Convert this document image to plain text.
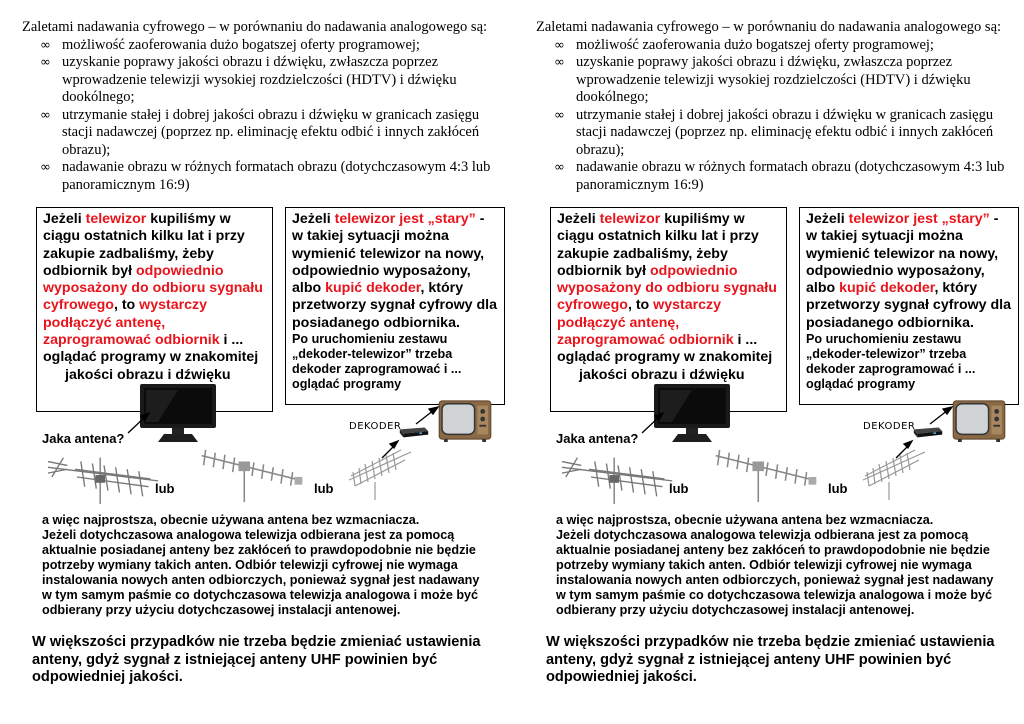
Zaletami nadawania cyfrowego – w porównaniu do nadawania analogowego są:

∞ możliwość zaoferowania dużo bogatszej oferty programowej;
∞ uzyskanie poprawy jakości obrazu i dźwięku, zwłaszcza poprzez wprowadzenie telewizji wysokiej rozdzielczości (HDTV) i dźwięku dookólnego;
∞ utrzymanie stałej i dobrej jakości obrazu i dźwięku w granicach zasięgu stacji nadawczej (poprzez np. eliminację efektu odbić i innych zakłóceń obrazu);
∞ nadawanie obrazu w różnych formatach obrazu (dotychczasowym 4:3 lub panoramicznym 16:9)
Jeżeli telewizor kupiliśmy w ciągu ostatnich kilku lat i przy zakupie zadbaliśmy, żeby odbiornik był odpowiednio wyposażony do odbioru sygnału cyfrowego, to wystarczy podłączyć antenę, zaprogramować odbiornik i ...
oglądać programy w znakomitej
jakości obrazu i dźwięku
Jeżeli telewizor jest „stary” - w takiej sytuacji można wymienić telewizor na nowy, odpowiednio wyposażony,
albo kupić dekoder, który przetworzy sygnał cyfrowy dla posiadanego odbiornika.
Po uruchomieniu zestawu „dekoder-telewizor” trzeba dekoder zaprogramować i ... oglądać programy
DEKODER
Jaka antena?
lub	lub

a więc najprostsza, obecnie używana antena bez wzmacniacza.

Jeżeli dotychczasowa analogowa telewizja odbierana jest za pomocą aktualnie posiadanej anteny bez zakłóceń to prawdopodobnie nie będzie potrzeby wymiany takich anten. Odbiór telewizji cyfrowej nie wymaga instalowania nowych anten odbiorczych, ponieważ sygnał jest nadawany w tym samym paśmie co dotychczasowa telewizja analogowa i może być odbierany przy użyciu dotychczasowej instalacji antenowej.

W większości przypadków nie trzeba będzie zmieniać ustawienia anteny, gdyż sygnał z istniejącej anteny UHF powinien być odpowiedniej jakości.

Zaletami nadawania cyfrowego – w porównaniu do nadawania analogowego są:

∞ możliwość zaoferowania dużo bogatszej oferty programowej;
∞ uzyskanie poprawy jakości obrazu i dźwięku, zwłaszcza poprzez wprowadzenie telewizji wysokiej rozdzielczości (HDTV) i dźwięku dookólnego;
∞ utrzymanie stałej i dobrej jakości obrazu i dźwięku w granicach zasięgu stacji nadawczej (poprzez np. eliminację efektu odbić i innych zakłóceń obrazu);
∞ nadawanie obrazu w różnych formatach obrazu (dotychczasowym 4:3 lub panoramicznym 16:9)
Jeżeli telewizor kupiliśmy w ciągu ostatnich kilku lat i przy zakupie zadbaliśmy, żeby odbiornik był odpowiednio wyposażony do odbioru sygnału cyfrowego, to wystarczy podłączyć antenę, zaprogramować odbiornik i ...
oglądać programy w znakomitej
jakości obrazu i dźwięku
Jeżeli telewizor jest „stary” - w takiej sytuacji można wymienić telewizor na nowy, odpowiednio wyposażony,
albo kupić dekoder, który przetworzy sygnał cyfrowy dla posiadanego odbiornika.
Po uruchomieniu zestawu „dekoder-telewizor” trzeba dekoder zaprogramować i ... oglądać programy
DEKODER
Jaka antena?
lub	lub

a więc najprostsza, obecnie używana antena bez wzmacniacza.

Jeżeli dotychczasowa analogowa telewizja odbierana jest za pomocą aktualnie posiadanej anteny bez zakłóceń to prawdopodobnie nie będzie potrzeby wymiany takich anten. Odbiór telewizji cyfrowej nie wymaga instalowania nowych anten odbiorczych, ponieważ sygnał jest nadawany w tym samym paśmie co dotychczasowa telewizja analogowa i może być odbierany przy użyciu dotychczasowej instalacji antenowej.

W większości przypadków nie trzeba będzie zmieniać ustawienia anteny, gdyż sygnał z istniejącej anteny UHF powinien być odpowiedniej jakości.
